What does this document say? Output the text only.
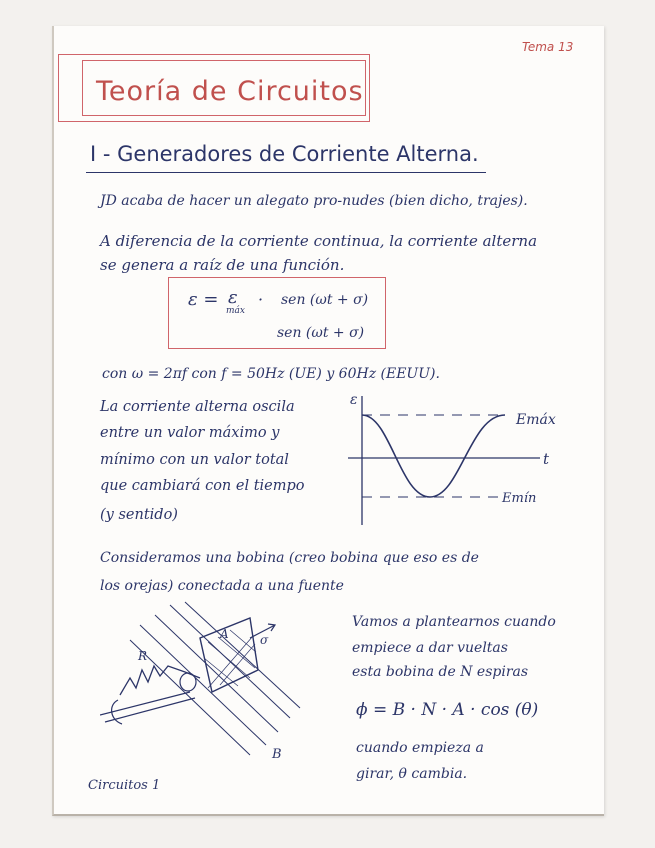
Tema 13
Teoría de Circuitos
I - Generadores de Corriente Alterna.

JD acaba de hacer un alegato pro-nudes (bien dicho, trajes).

A diferencia de la corriente continua, la corriente alterna

se genera a raíz de una función.

ε = ε
máx
· sen (ωt + σ)
sen (ωt + σ)

con ω = 2πf con f = 50Hz (UE) y 60Hz (EEUU).

La corriente alterna oscila

entre un valor máximo y

mínimo con un valor total

que cambiará con el tiempo

(y sentido)

ε
t
Emáx
Emín

Consideramos una bobina (creo bobina que eso es de

los orejas) conectada a una fuente

R
A	σ
B

Vamos a plantearnos cuando

empiece a dar vueltas

esta bobina de N espiras

ϕ = B · N · A · cos (θ)

cuando empieza a

girar, θ cambia.

Circuitos 1
